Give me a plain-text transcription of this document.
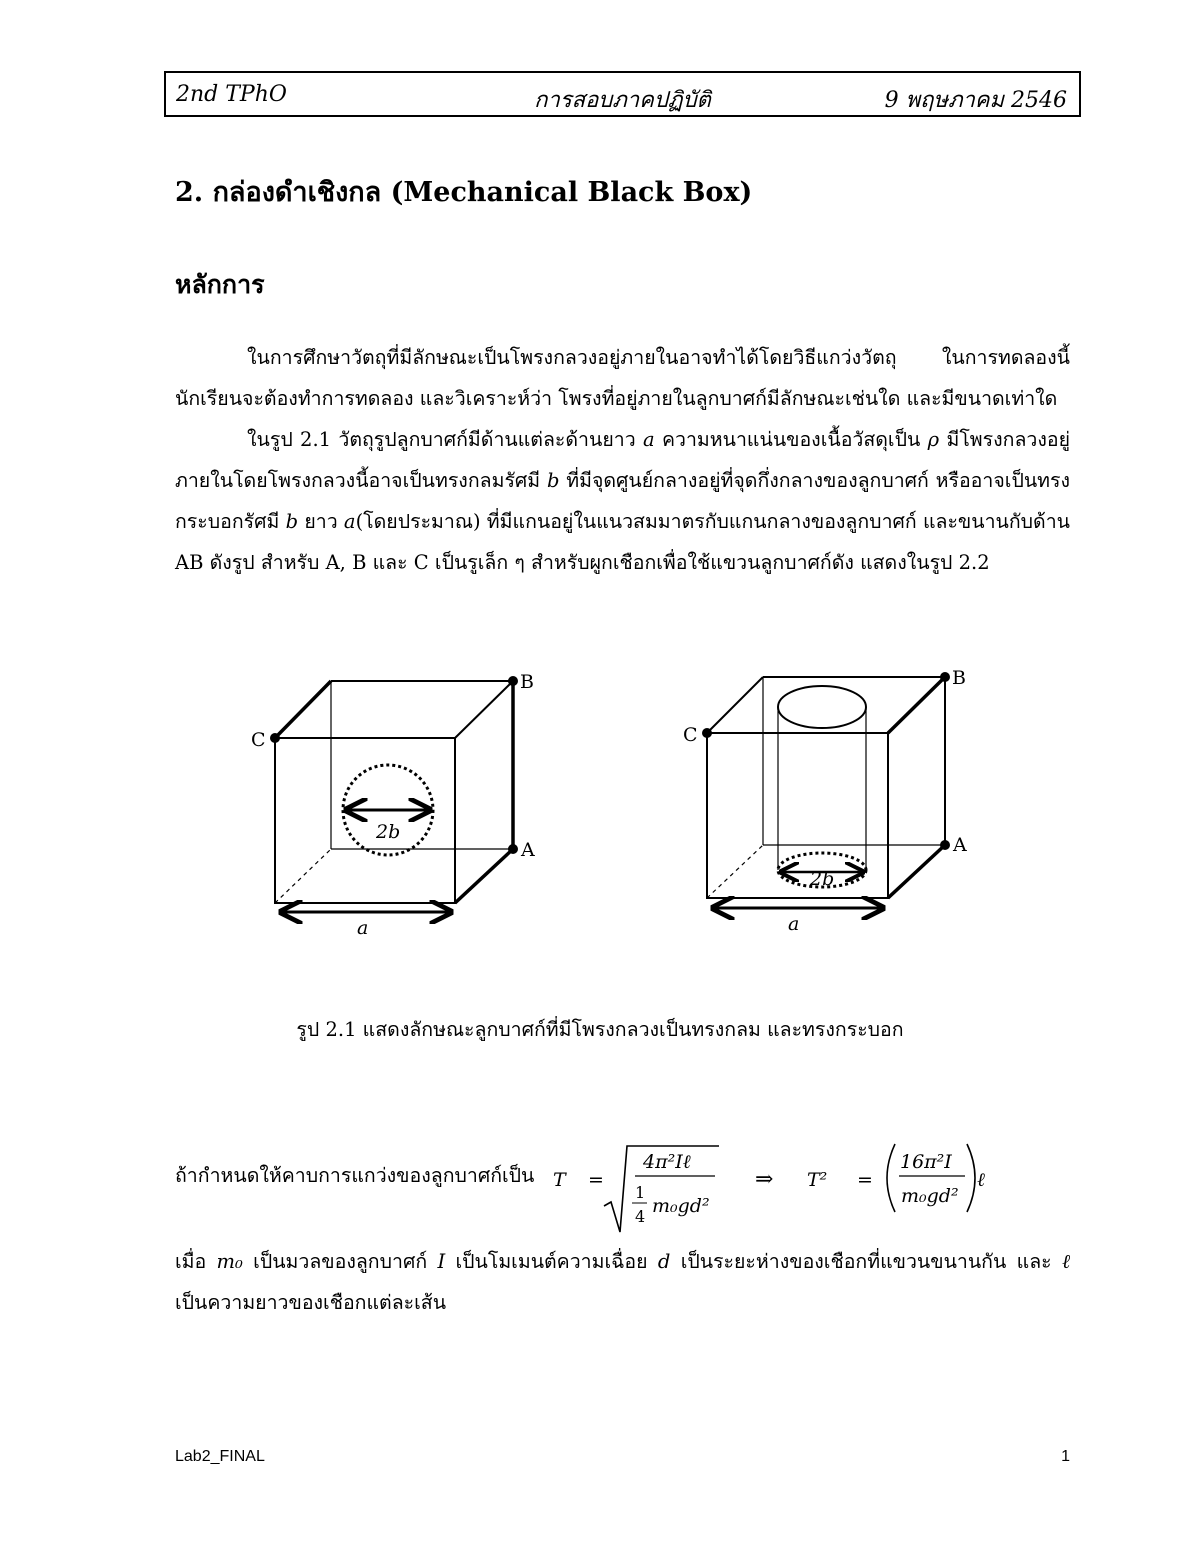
2nd TPhO	การสอบภาคปฏิบัติ	9 พฤษภาคม 2546
2. กล่องดำเชิงกล (Mechanical Black Box)
หลักการ

ในการศึกษาวัตถุที่มีลักษณะเป็นโพรงกลวงอยู่ภายในอาจทำได้โดยวิธีแกว่งวัตถุ ในการทดลองนี้ นักเรียนจะต้องทำการทดลอง และวิเคราะห์ว่า โพรงที่อยู่ภายในลูกบาศก์มีลักษณะเช่นใด และมีขนาดเท่าใด

ในรูป 2.1 วัตถุรูปลูกบาศก์มีด้านแต่ละด้านยาว a ความหนาแน่นของเนื้อวัสดุเป็น ρ มีโพรงกลวงอยู่ภายในโดยโพรงกลวงนี้อาจเป็นทรงกลมรัศมี b ที่มีจุดศูนย์กลางอยู่ที่จุดกึ่งกลางของลูกบาศก์ หรืออาจเป็นทรงกระบอกรัศมี b ยาว a(โดยประมาณ) ที่มีแกนอยู่ในแนวสมมาตรกับแกนกลางของลูกบาศก์ และขนานกับด้าน AB ดังรูป สำหรับ A, B และ C เป็นรูเล็ก ๆ สำหรับผูกเชือกเพื่อใช้แขวนลูกบาศก์ดัง แสดงในรูป 2.2

B
C
A
2b
a
B
C
A
2b
a
รูป 2.1 แสดงลักษณะลูกบาศก์ที่มีโพรงกลวงเป็นทรงกลม และทรงกระบอก
ถ้ากำหนดให้คาบการแกว่งของลูกบาศก์เป็น T =
4π²Iℓ
1
4 m₀gd²
⇒ T² =
16π²I
m₀gd²
ℓ

เมื่อ m₀ เป็นมวลของลูกบาศก์ I เป็นโมเมนต์ความเฉื่อย d เป็นระยะห่างของเชือกที่แขวนขนานกัน และ ℓ เป็นความยาวของเชือกแต่ละเส้น

Lab2_FINAL	1
